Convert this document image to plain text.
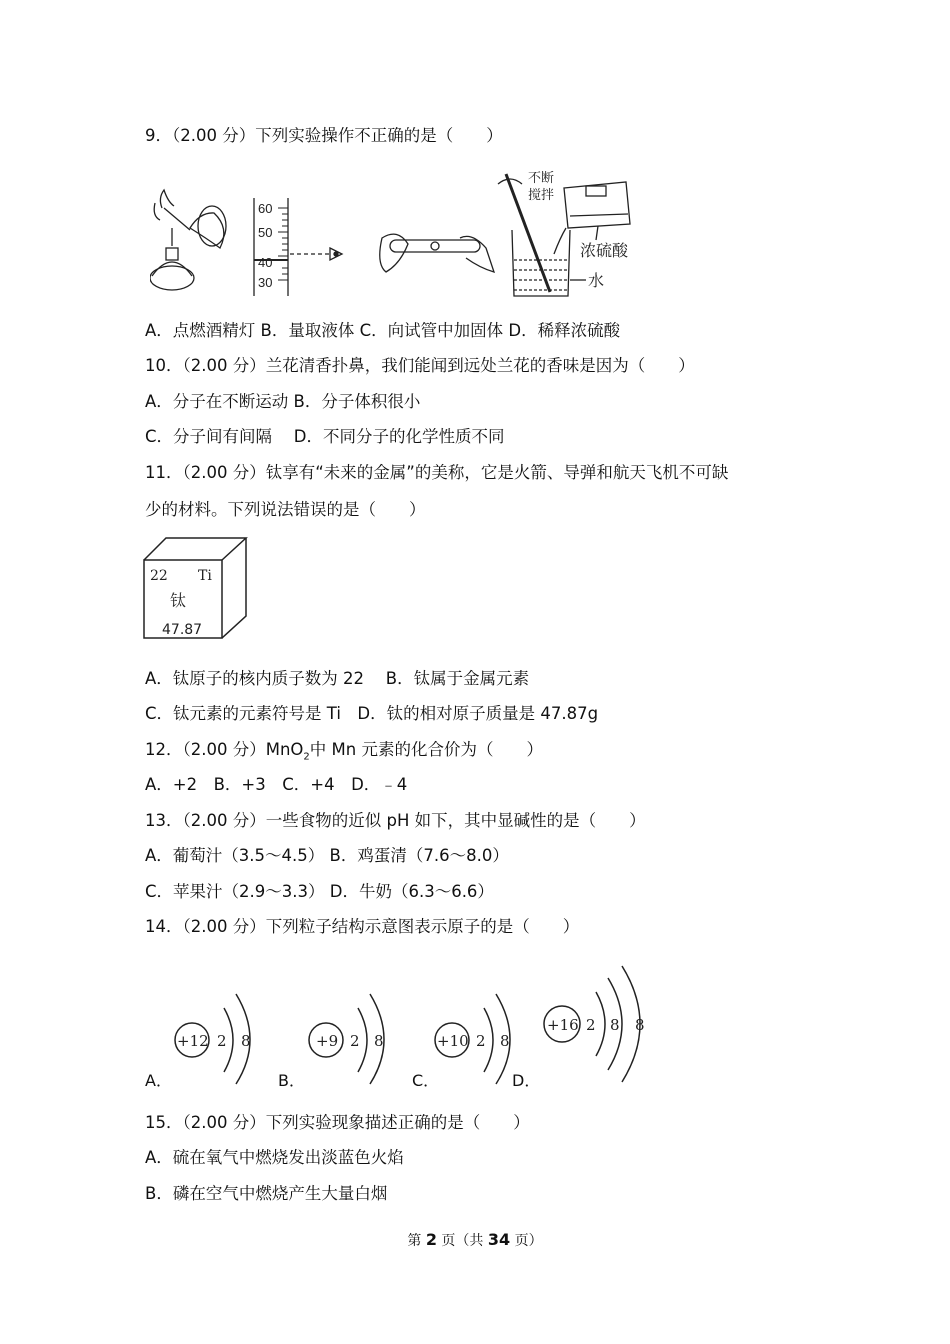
9．（2.00 分）下列实验操作不正确的是（　　）
60
50
40
30
不断
搅拌
浓硫酸
水
A．点燃酒精灯 B．量取液体 C．向试管中加固体 D．稀释浓硫酸
10．（2.00 分）兰花清香扑鼻，我们能闻到远处兰花的香味是因为（　　）
A．分子在不断运动 B．分子体积很小
C．分子间有间隔　 D．不同分子的化学性质不同
11．（2.00 分）钛享有“未来的金属”的美称，它是火箭、导弹和航天飞机不可缺
少的材料。下列说法错误的是（　　）
22 Ti
钛
47.87
A．钛原子的核内质子数为 22　 B．钛属于金属元素
C．钛元素的元素符号是 Ti　D．钛的相对原子质量是 47.87g
12．（2.00 分）MnO$_2$中 Mn 元素的化合价为（　　）
A．+2　B．+3　C．+4　D．﹣4
13．（2.00 分）一些食物的近似 pH 如下，其中显碱性的是（　　）
A．葡萄汁（3.5～4.5） B．鸡蛋清（7.6～8.0）
C．苹果汁（2.9～3.3） D．牛奶（6.3～6.6）
14．（2.00 分）下列粒子结构示意图表示原子的是（　　）
+12 2 8	+9 2 8	+10 2 8
+16 2 8 8
A．	B．	C．	D．
15．（2.00 分）下列实验现象描述正确的是（　　）
A．硫在氧气中燃烧发出淡蓝色火焰
B．磷在空气中燃烧产生大量白烟
第 2 页（共 34 页）
